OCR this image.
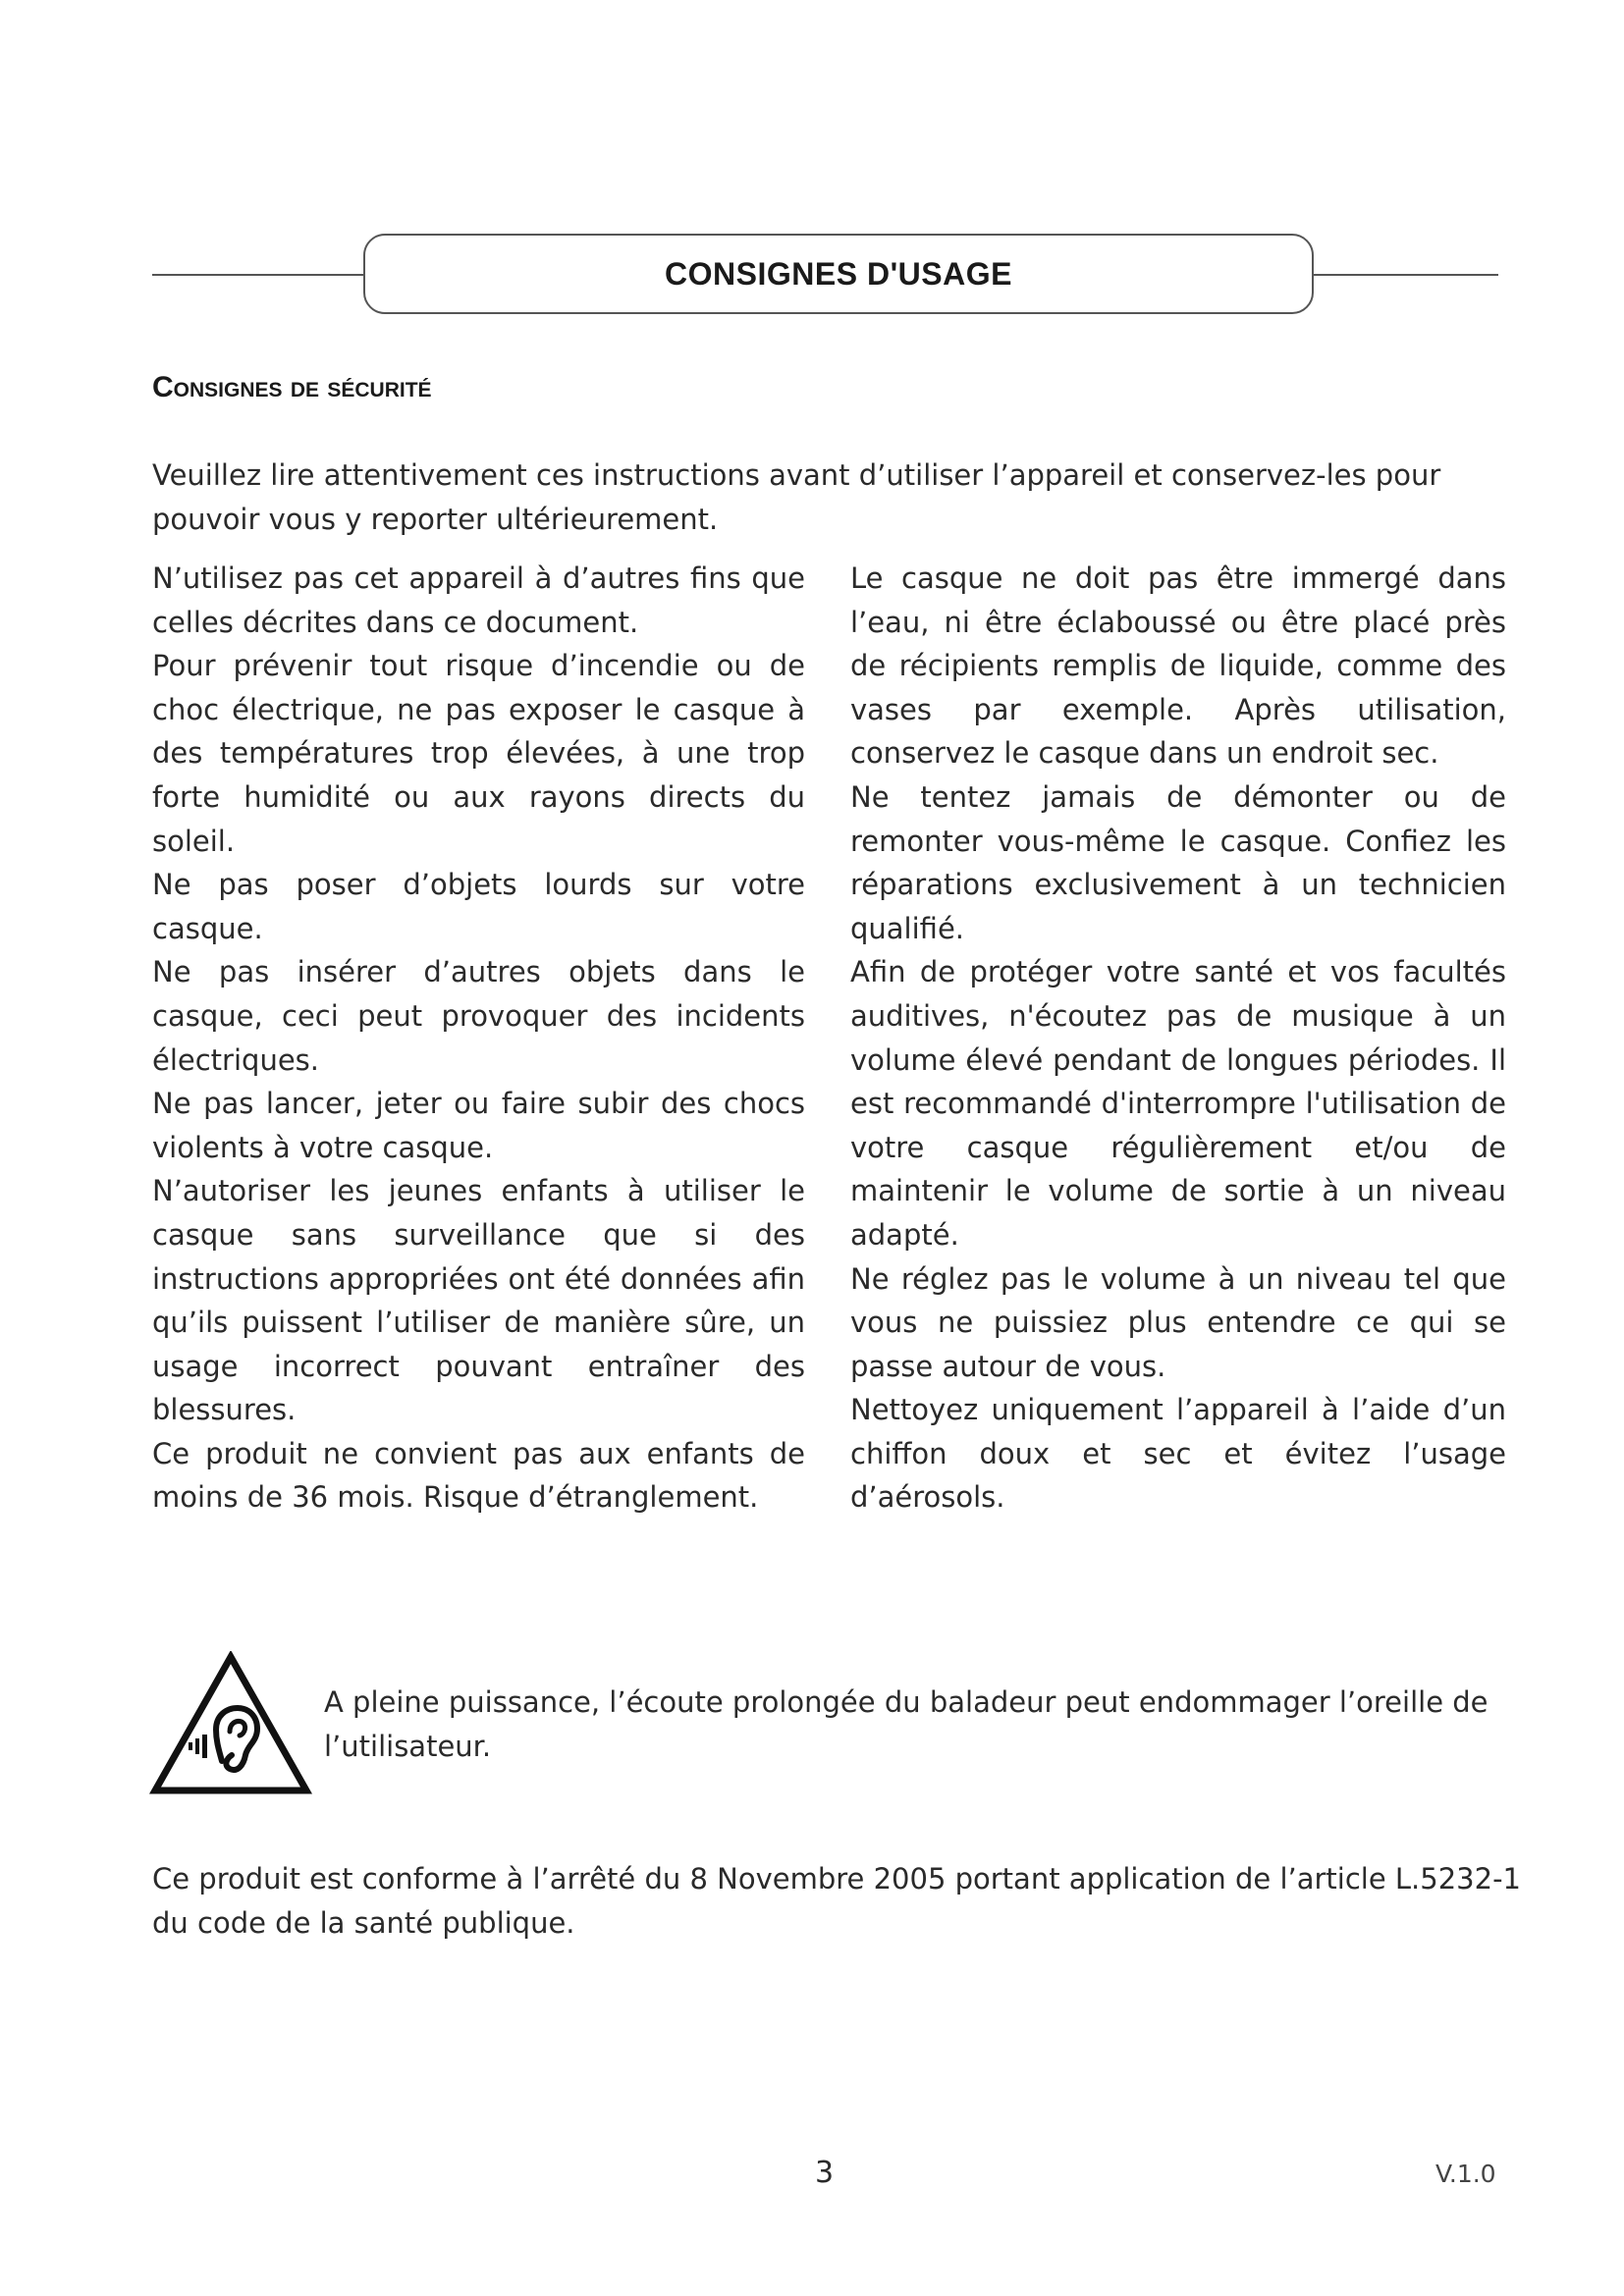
CONSIGNES D'USAGE
Consignes de sécurité
Veuillez lire attentivement ces instructions avant d’utiliser l’appareil et conservez-les pour pouvoir vous y reporter ultérieurement.

N’utilisez pas cet appareil à d’autres fins que celles décrites dans ce document.

Pour prévenir tout risque d’incendie ou de choc électrique, ne pas exposer le casque à des températures trop élevées, à une trop forte humidité ou aux rayons directs du soleil.

Ne pas poser d’objets lourds sur votre casque.

Ne pas insérer d’autres objets dans le casque, ceci peut provoquer des incidents électriques.

Ne pas lancer, jeter ou faire subir des chocs violents à votre casque.

N’autoriser les jeunes enfants à utiliser le casque sans surveillance que si des instructions appropriées ont été données afin qu’ils puissent l’utiliser de manière sûre, un usage incorrect pouvant entraîner des blessures.

Ce produit ne convient pas aux enfants de moins de 36 mois. Risque d’étranglement.

Le casque ne doit pas être immergé dans l’eau, ni être éclaboussé ou être placé près de récipients remplis de liquide, comme des vases par exemple. Après utilisation, conservez le casque dans un endroit sec.

Ne tentez jamais de démonter ou de remonter vous-même le casque. Confiez les réparations exclusivement à un technicien qualifié.

Afin de protéger votre santé et vos facultés auditives, n'écoutez pas de musique à un volume élevé pendant de longues périodes. Il est recommandé d'interrompre l'utilisation de votre casque régulièrement et/ou de maintenir le volume de sortie à un niveau adapté.

Ne réglez pas le volume à un niveau tel que vous ne puissiez plus entendre ce qui se passe autour de vous.

Nettoyez uniquement l’appareil à l’aide d’un chiffon doux et sec et évitez l’usage d’aérosols.

A pleine puissance, l’écoute prolongée du baladeur peut endommager l’oreille de l’utilisateur.
Ce produit est conforme à l’arrêté du 8 Novembre 2005 portant application de l’article L.5232-1 du code de la santé publique.
3	V.1.0
